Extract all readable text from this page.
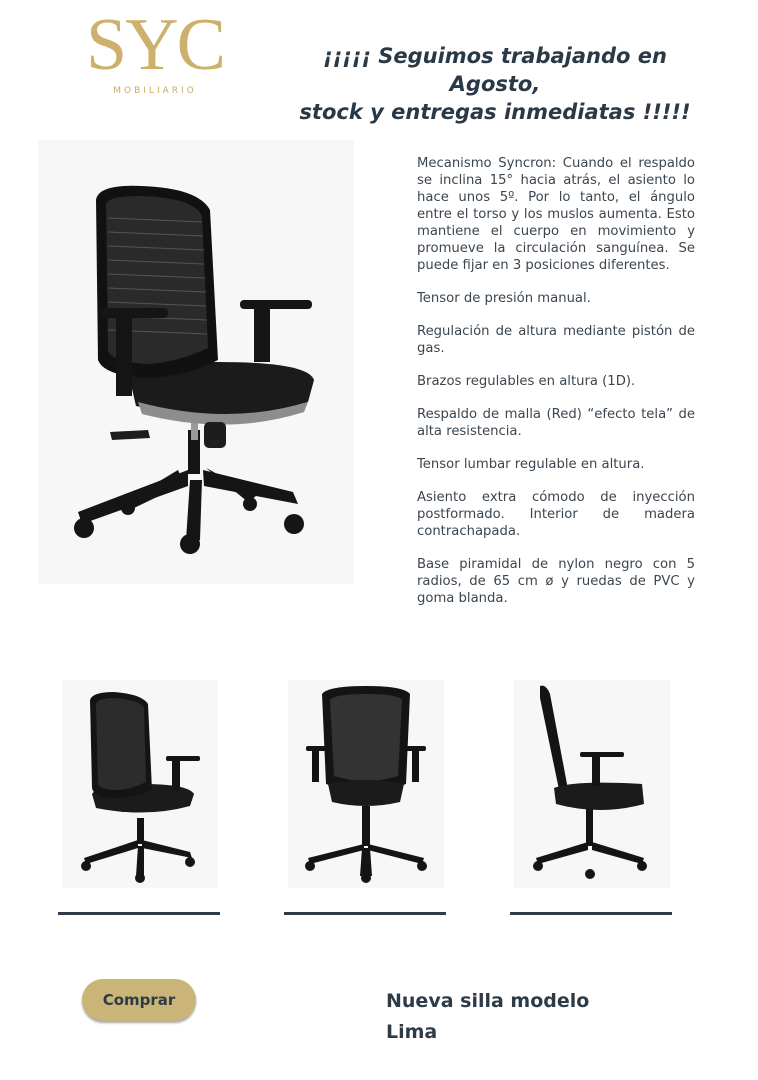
SYC
MOBILIARIO
¡¡¡¡¡ Seguimos trabajando en Agosto,
stock y entregas inmediatas !!!!!

Mecanismo Syncron: Cuando el respaldo se inclina 15° hacia atrás, el asiento lo hace unos 5º. Por lo tanto, el ángulo entre el torso y los muslos aumenta. Esto mantiene el cuerpo en movimiento y promueve la circulación sanguínea. Se puede fijar en 3 posiciones diferentes.

Tensor de presión manual.

Regulación de altura mediante pistón de gas.

Brazos regulables en altura (1D).

Respaldo de malla (Red) “efecto tela” de alta resistencia.

Tensor lumbar regulable en altura.

Asiento extra cómodo de inyección postformado. Interior de madera contrachapada.

Base piramidal de nylon negro con 5 radios, de 65 cm ø y ruedas de PVC y goma blanda.

Comprar	Nueva silla modelo
Lima
